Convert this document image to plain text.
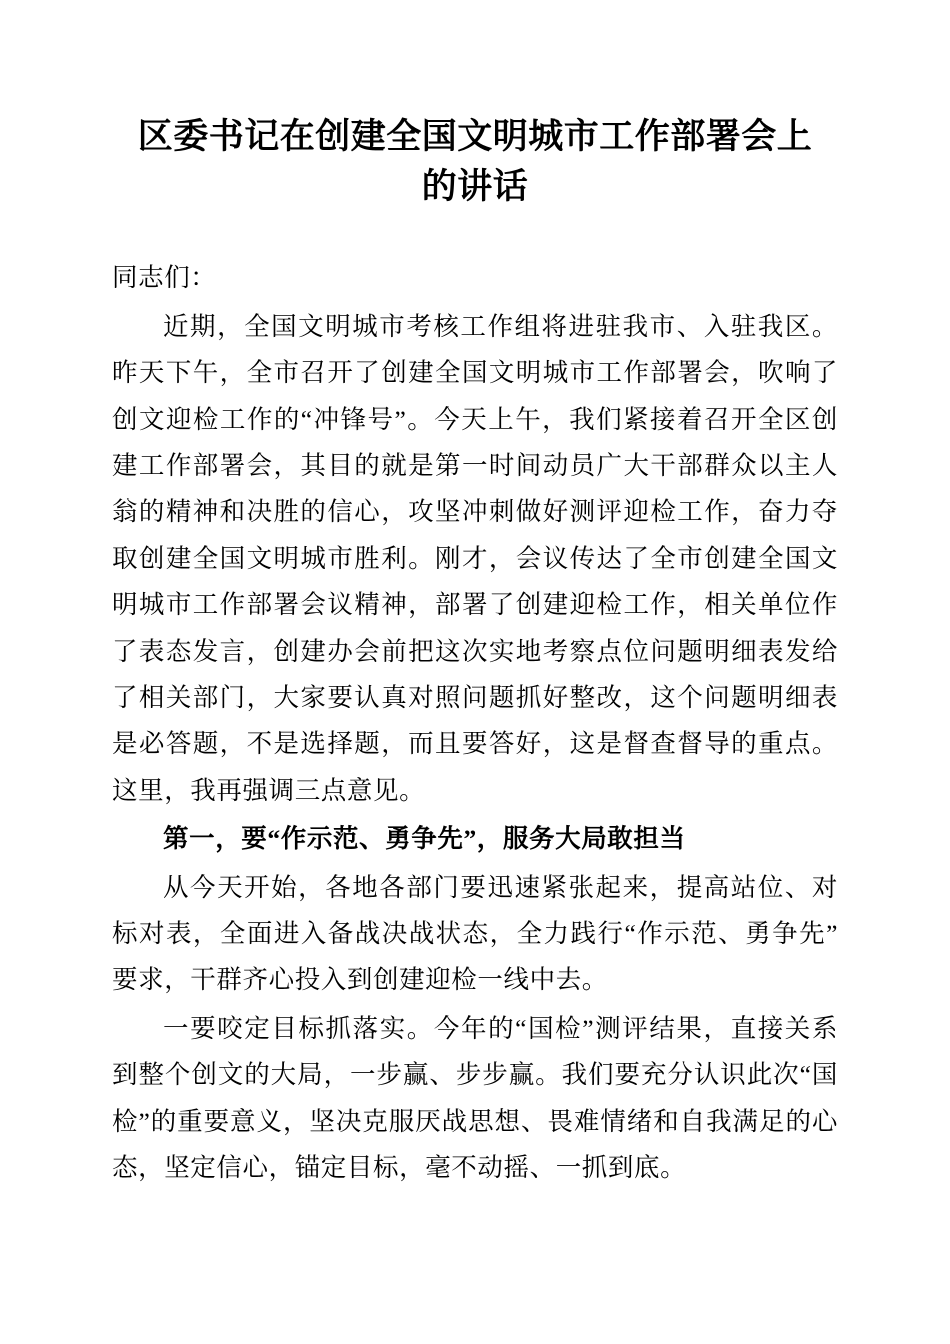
区委书记在创建全国文明城市工作部署会上的讲话

同志们：

近期，全国文明城市考核工作组将进驻我市、入驻我区。昨天下午，全市召开了创建全国文明城市工作部署会，吹响了创文迎检工作的“冲锋号”。今天上午，我们紧接着召开全区创建工作部署会，其目的就是第一时间动员广大干部群众以主人翁的精神和决胜的信心，攻坚冲刺做好测评迎检工作，奋力夺取创建全国文明城市胜利。刚才，会议传达了全市创建全国文明城市工作部署会议精神，部署了创建迎检工作，相关单位作了表态发言，创建办会前把这次实地考察点位问题明细表发给了相关部门，大家要认真对照问题抓好整改，这个问题明细表是必答题，不是选择题，而且要答好，这是督查督导的重点。这里，我再强调三点意见。

第一，要“作示范、勇争先”，服务大局敢担当

从今天开始，各地各部门要迅速紧张起来，提高站位、对标对表，全面进入备战决战状态，全力践行“作示范、勇争先”要求，干群齐心投入到创建迎检一线中去。

一要咬定目标抓落实。今年的“国检”测评结果，直接关系到整个创文的大局，一步赢、步步赢。我们要充分认识此次“国检”的重要意义，坚决克服厌战思想、畏难情绪和自我满足的心态，坚定信心，锚定目标，毫不动摇、一抓到底。
